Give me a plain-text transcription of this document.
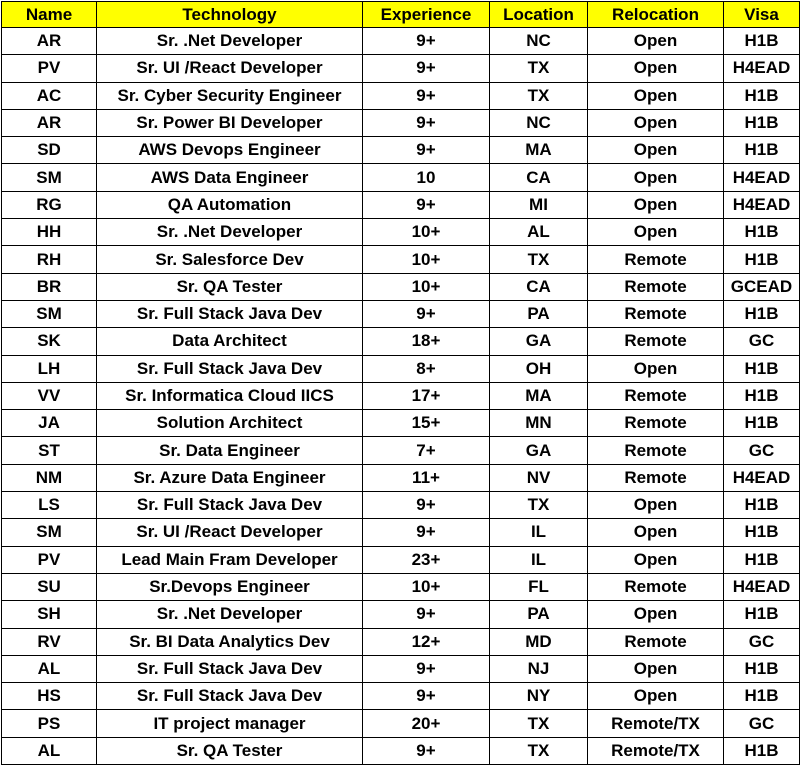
Name	Technology	Experience	Location	Relocation	Visa
AR	Sr. .Net Developer	9+	NC	Open	H1B
PV	Sr. UI /React Developer	9+	TX	Open	H4EAD
AC	Sr. Cyber Security Engineer	9+	TX	Open	H1B
AR	Sr. Power BI Developer	9+	NC	Open	H1B
SD	AWS Devops Engineer	9+	MA	Open	H1B
SM	AWS Data Engineer	10	CA	Open	H4EAD
RG	QA Automation	9+	MI	Open	H4EAD
HH	Sr. .Net Developer	10+	AL	Open	H1B
RH	Sr. Salesforce Dev	10+	TX	Remote	H1B
BR	Sr. QA Tester	10+	CA	Remote	GCEAD
SM	Sr. Full Stack Java Dev	9+	PA	Remote	H1B
SK	Data Architect	18+	GA	Remote	GC
LH	Sr. Full Stack Java Dev	8+	OH	Open	H1B
VV	Sr. Informatica Cloud IICS	17+	MA	Remote	H1B
JA	Solution Architect	15+	MN	Remote	H1B
ST	Sr. Data Engineer	7+	GA	Remote	GC
NM	Sr. Azure Data Engineer	11+	NV	Remote	H4EAD
LS	Sr. Full Stack Java Dev	9+	TX	Open	H1B
SM	Sr. UI /React Developer	9+	IL	Open	H1B
PV	Lead Main Fram Developer	23+	IL	Open	H1B
SU	Sr.Devops Engineer	10+	FL	Remote	H4EAD
SH	Sr. .Net Developer	9+	PA	Open	H1B
RV	Sr. BI Data Analytics Dev	12+	MD	Remote	GC
AL	Sr. Full Stack Java Dev	9+	NJ	Open	H1B
HS	Sr. Full Stack Java Dev	9+	NY	Open	H1B
PS	IT project manager	20+	TX	Remote/TX	GC
AL	Sr. QA Tester	9+	TX	Remote/TX	H1B
